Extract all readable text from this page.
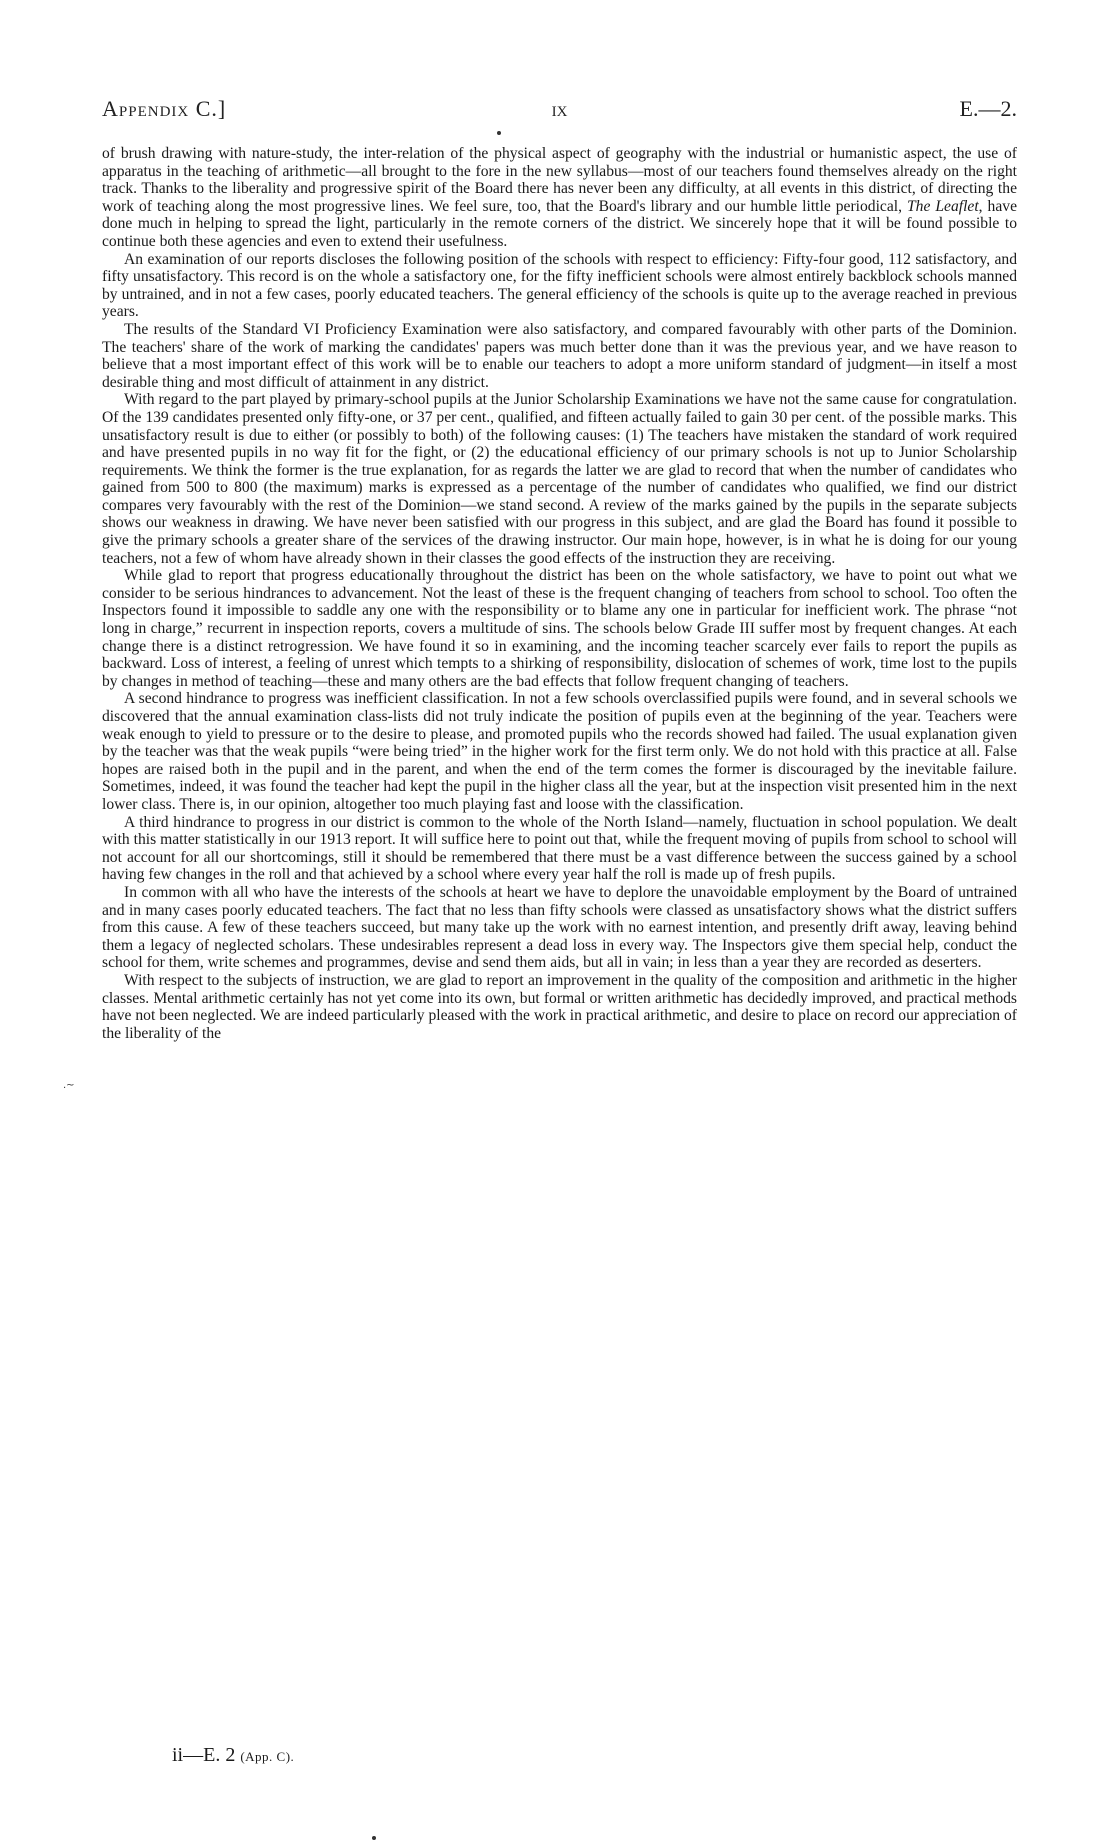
Appendix C.]	ix	E.—2.

of brush drawing with nature-study, the inter-relation of the physical aspect of geography with the industrial or humanistic aspect, the use of apparatus in the teaching of arithmetic—all brought to the fore in the new syllabus—most of our teachers found themselves already on the right track. Thanks to the liberality and progressive spirit of the Board there has never been any difficulty, at all events in this district, of directing the work of teaching along the most progressive lines. We feel sure, too, that the Board's library and our humble little periodical, The Leaflet, have done much in helping to spread the light, particularly in the remote corners of the district. We sincerely hope that it will be found possible to continue both these agencies and even to extend their usefulness.

An examination of our reports discloses the following position of the schools with respect to efficiency: Fifty-four good, 112 satisfactory, and fifty unsatisfactory. This record is on the whole a satisfactory one, for the fifty inefficient schools were almost entirely backblock schools manned by untrained, and in not a few cases, poorly educated teachers. The general efficiency of the schools is quite up to the average reached in previous years.

The results of the Standard VI Proficiency Examination were also satisfactory, and compared favourably with other parts of the Dominion. The teachers' share of the work of marking the candidates' papers was much better done than it was the previous year, and we have reason to believe that a most important effect of this work will be to enable our teachers to adopt a more uniform standard of judgment—in itself a most desirable thing and most difficult of attainment in any district.

With regard to the part played by primary-school pupils at the Junior Scholarship Examinations we have not the same cause for congratulation. Of the 139 candidates presented only fifty-one, or 37 per cent., qualified, and fifteen actually failed to gain 30 per cent. of the possible marks. This unsatisfactory result is due to either (or possibly to both) of the following causes: (1) The teachers have mistaken the standard of work required and have presented pupils in no way fit for the fight, or (2) the educational efficiency of our primary schools is not up to Junior Scholarship requirements. We think the former is the true explanation, for as regards the latter we are glad to record that when the number of candidates who gained from 500 to 800 (the maximum) marks is expressed as a percentage of the number of candidates who qualified, we find our district compares very favourably with the rest of the Dominion—we stand second. A review of the marks gained by the pupils in the separate subjects shows our weakness in drawing. We have never been satisfied with our progress in this subject, and are glad the Board has found it possible to give the primary schools a greater share of the services of the drawing instructor. Our main hope, however, is in what he is doing for our young teachers, not a few of whom have already shown in their classes the good effects of the instruction they are receiving.

While glad to report that progress educationally throughout the district has been on the whole satisfactory, we have to point out what we consider to be serious hindrances to advancement. Not the least of these is the frequent changing of teachers from school to school. Too often the Inspectors found it impossible to saddle any one with the responsibility or to blame any one in particular for inefficient work. The phrase “not long in charge,” recurrent in inspection reports, covers a multitude of sins. The schools below Grade III suffer most by frequent changes. At each change there is a distinct retrogression. We have found it so in examining, and the incoming teacher scarcely ever fails to report the pupils as backward. Loss of interest, a feeling of unrest which tempts to a shirking of responsibility, dislocation of schemes of work, time lost to the pupils by changes in method of teaching—these and many others are the bad effects that follow frequent changing of teachers.

A second hindrance to progress was inefficient classification. In not a few schools overclassified pupils were found, and in several schools we discovered that the annual examination class-lists did not truly indicate the position of pupils even at the beginning of the year. Teachers were weak enough to yield to pressure or to the desire to please, and promoted pupils who the records showed had failed. The usual explanation given by the teacher was that the weak pupils “were being tried” in the higher work for the first term only. We do not hold with this practice at all. False hopes are raised both in the pupil and in the parent, and when the end of the term comes the former is discouraged by the inevitable failure. Sometimes, indeed, it was found the teacher had kept the pupil in the higher class all the year, but at the inspection visit presented him in the next lower class. There is, in our opinion, altogether too much playing fast and loose with the classification.

A third hindrance to progress in our district is common to the whole of the North Island—namely, fluctuation in school population. We dealt with this matter statistically in our 1913 report. It will suffice here to point out that, while the frequent moving of pupils from school to school will not account for all our shortcomings, still it should be remembered that there must be a vast difference between the success gained by a school having few changes in the roll and that achieved by a school where every year half the roll is made up of fresh pupils.

In common with all who have the interests of the schools at heart we have to deplore the unavoidable employment by the Board of untrained and in many cases poorly educated teachers. The fact that no less than fifty schools were classed as unsatisfactory shows what the district suffers from this cause. A few of these teachers succeed, but many take up the work with no earnest intention, and presently drift away, leaving behind them a legacy of neglected scholars. These undesirables represent a dead loss in every way. The Inspectors give them special help, conduct the school for them, write schemes and programmes, devise and send them aids, but all in vain; in less than a year they are recorded as deserters.

With respect to the subjects of instruction, we are glad to report an improvement in the quality of the composition and arithmetic in the higher classes. Mental arithmetic certainly has not yet come into its own, but formal or written arithmetic has decidedly improved, and practical methods have not been neglected. We are indeed particularly pleased with the work in practical arithmetic, and desire to place on record our appreciation of the liberality of the

.~
ii—E. 2 (App. C).
